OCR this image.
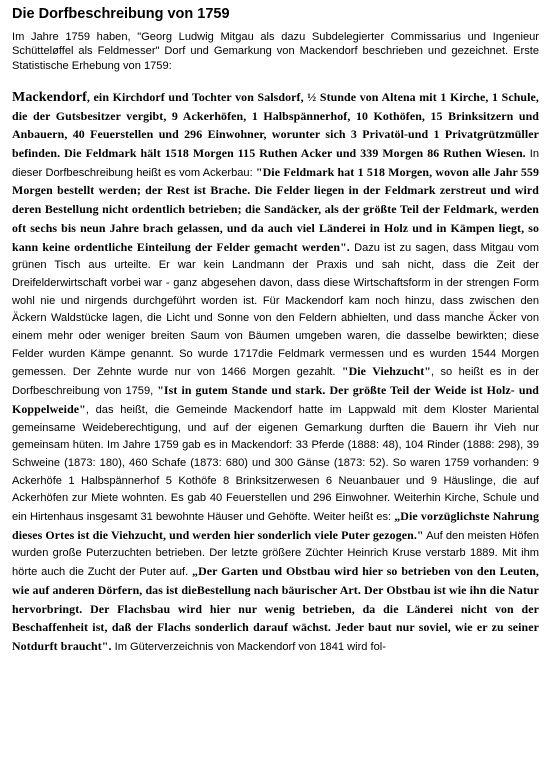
Die Dorfbeschreibung von 1759

Im Jahre 1759 haben, "Georg Ludwig Mitgau als dazu Subdelegierter Commissarius und Ingenieur Schütteløffel als Feldmesser" Dorf und Gemarkung von Mackendorf beschrieben und gezeichnet. Erste Statistische Erhebung von 1759:

Mackendorf, ein Kirchdorf und Tochter von Salsdorf, ½ Stunde von Altena mit 1 Kirche, 1 Schule, die der Gutsbesitzer vergibt, 9 Ackerhöfen, 1 Halbspännerhof, 10 Kothöfen, 15 Brinksitzern und Anbauern, 40 Feuerstellen und 296 Einwohner, worunter sich 3 Privatöl-und 1 Privatgrützmüller befinden. Die Feldmark hält 1518 Morgen 115 Ruthen Acker und 339 Morgen 86 Ruthen Wiesen. In dieser Dorfbeschreibung heißt es vom Ackerbau: "Die Feldmark hat 1 518 Morgen, wovon alle Jahr 559 Morgen bestellt werden; der Rest ist Brache. Die Felder liegen in der Feldmark zerstreut und wird deren Bestellung nicht ordentlich betrieben; die Sandäcker, als der größte Teil der Feldmark, werden oft sechs bis neun Jahre brach gelassen, und da auch viel Länderei in Holz und in Kämpen liegt, so kann keine ordentliche Einteilung der Felder gemacht werden". Dazu ist zu sagen, dass Mitgau vom grünen Tisch aus urteilte. Er war kein Landmann der Praxis und sah nicht, dass die Zeit der Dreifelderwirtschaft vorbei war - ganz abgesehen davon, dass diese Wirtschaftsform in der strengen Form wohl nie und nirgends durchgeführt worden ist. Für Mackendorf kam noch hinzu, dass zwischen den Äckern Waldstücke lagen, die Licht und Sonne von den Feldern abhielten, und dass manche Äcker von einem mehr oder weniger breiten Saum von Bäumen umgeben waren, die dasselbe bewirkten; diese Felder wurden Kämpe genannt. So wurde 1717die Feldmark vermessen und es wurden 1544 Morgen gemessen. Der Zehnte wurde nur von 1466 Morgen gezahlt. "Die Viehzucht", so heißt es in der Dorfbeschreibung von 1759, "Ist in gutem Stande und stark. Der größte Teil der Weide ist Holz- und Koppelweide", das heißt, die Gemeinde Mackendorf hatte im Lappwald mit dem Kloster Mariental gemeinsame Weideberechtigung, und auf der eigenen Gemarkung durften die Bauern ihr Vieh nur gemeinsam hüten. Im Jahre 1759 gab es in Mackendorf: 33 Pferde (1888: 48), 104 Rinder (1888: 298), 39 Schweine (1873: 180), 460 Schafe (1873: 680) und 300 Gänse (1873: 52). So waren 1759 vorhanden: 9 Ackerhöfe 1 Halbspännerhof 5 Kothöfe 8 Brinksitzerwesen 6 Neuanbauer und 9 Häuslinge, die auf Ackerhöfen zur Miete wohnten. Es gab 40 Feuerstellen und 296 Einwohner. Weiterhin Kirche, Schule und ein Hirtenhaus insgesamt 31 bewohnte Häuser und Gehöfte. Weiter heißt es: „Die vorzüglichste Nahrung dieses Ortes ist die Viehzucht, und werden hier sonderlich viele Puter gezogen." Auf den meisten Höfen wurden große Puterzuchten betrieben. Der letzte größere Züchter Heinrich Kruse verstarb 1889. Mit ihm hörte auch die Zucht der Puter auf. „Der Garten und Obstbau wird hier so betrieben von den Leuten, wie auf anderen Dörfern, das ist dieBestellung nach bäurischer Art. Der Obstbau ist wie ihn die Natur hervorbringt. Der Flachsbau wird hier nur wenig betrieben, da die Länderei nicht von der Beschaffenheit ist, daß der Flachs sonderlich darauf wächst. Jeder baut nur soviel, wie er zu seiner Notdurft braucht". Im Güterverzeichnis von Mackendorf von 1841 wird fol-
